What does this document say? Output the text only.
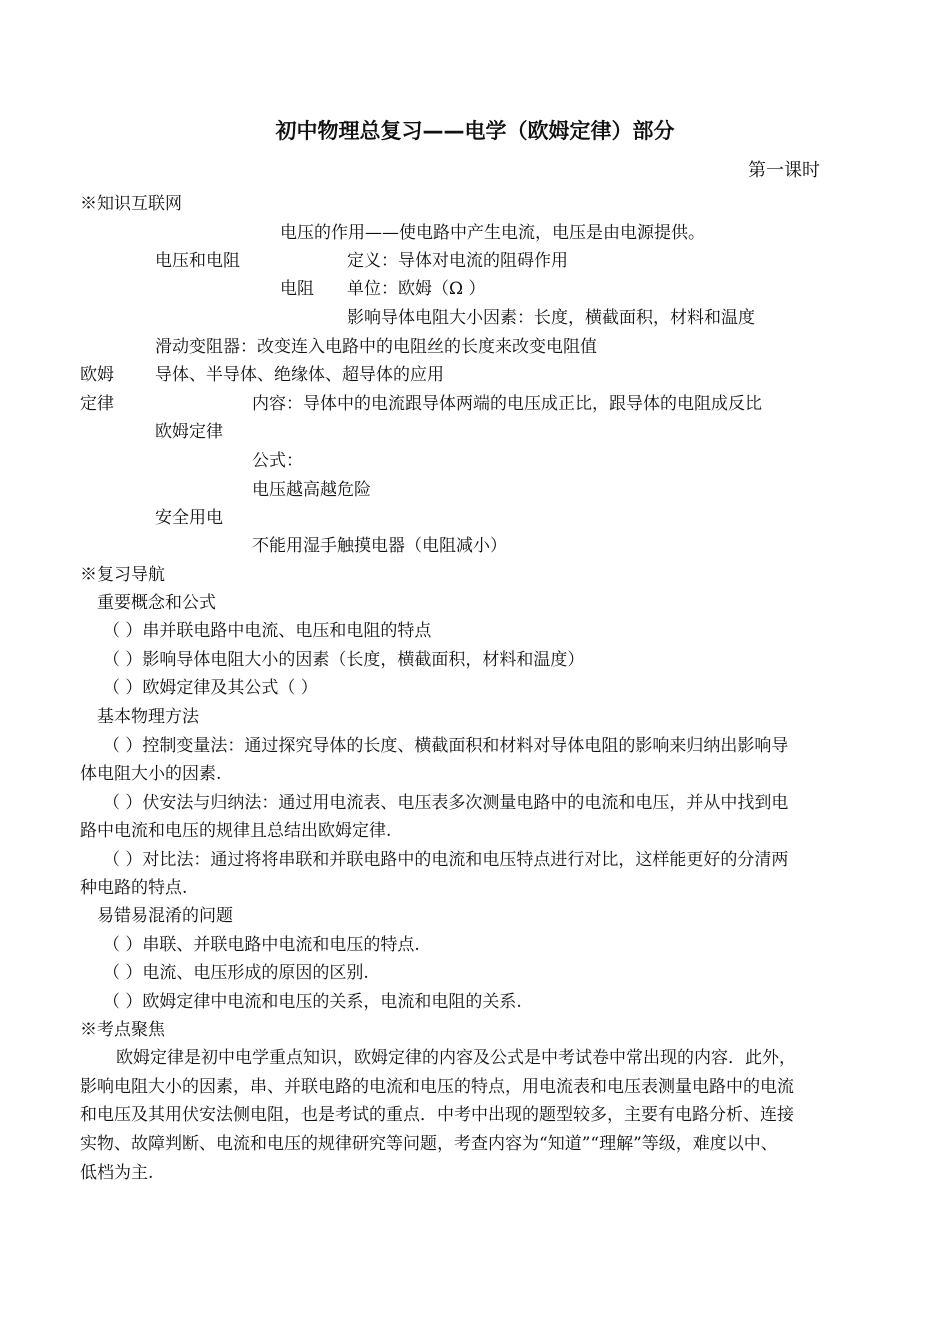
初中物理总复习——电学（欧姆定律）部分
第一课时
※知识互联网
电压的作用——使电路中产生电流，电压是由电源提供。
电压和电阻	定义：导体对电流的阻碍作用
电阻 单位：欧姆（Ω ）
影响导体电阻大小因素：长度，横截面积，材料和温度
滑动变阻器：改变连入电路中的电阻丝的长度来改变电阻值
欧姆 导体、半导体、绝缘体、超导体的应用
定律	内容：导体中的电流跟导体两端的电压成正比，跟导体的电阻成反比
欧姆定律
公式：
电压越高越危险
安全用电
不能用湿手触摸电器（电阻减小）
※复习导航
重要概念和公式
（ ）串并联电路中电流、电压和电阻的特点
（ ）影响导体电阻大小的因素（长度，横截面积，材料和温度）
（ ）欧姆定律及其公式（ ）
基本物理方法
（ ）控制变量法：通过探究导体的长度、横截面积和材料对导体电阻的影响来归纳出影响导
体电阻大小的因素.
（ ）伏安法与归纳法：通过用电流表、电压表多次测量电路中的电流和电压，并从中找到电
路中电流和电压的规律且总结出欧姆定律.
（ ）对比法：通过将将串联和并联电路中的电流和电压特点进行对比，这样能更好的分清两
种电路的特点.
易错易混淆的问题
（ ）串联、并联电路中电流和电压的特点.
（ ）电流、电压形成的原因的区别.
（ ）欧姆定律中电流和电压的关系，电流和电阻的关系.
※考点聚焦
欧姆定律是初中电学重点知识，欧姆定律的内容及公式是中考试卷中常出现的内容．此外，
影响电阻大小的因素，串、并联电路的电流和电压的特点，用电流表和电压表测量电路中的电流
和电压及其用伏安法侧电阻，也是考试的重点．中考中出现的题型较多，主要有电路分析、连接
实物、故障判断、电流和电压的规律研究等问题，考查内容为“知道”“理解”等级，难度以中、
低档为主.
